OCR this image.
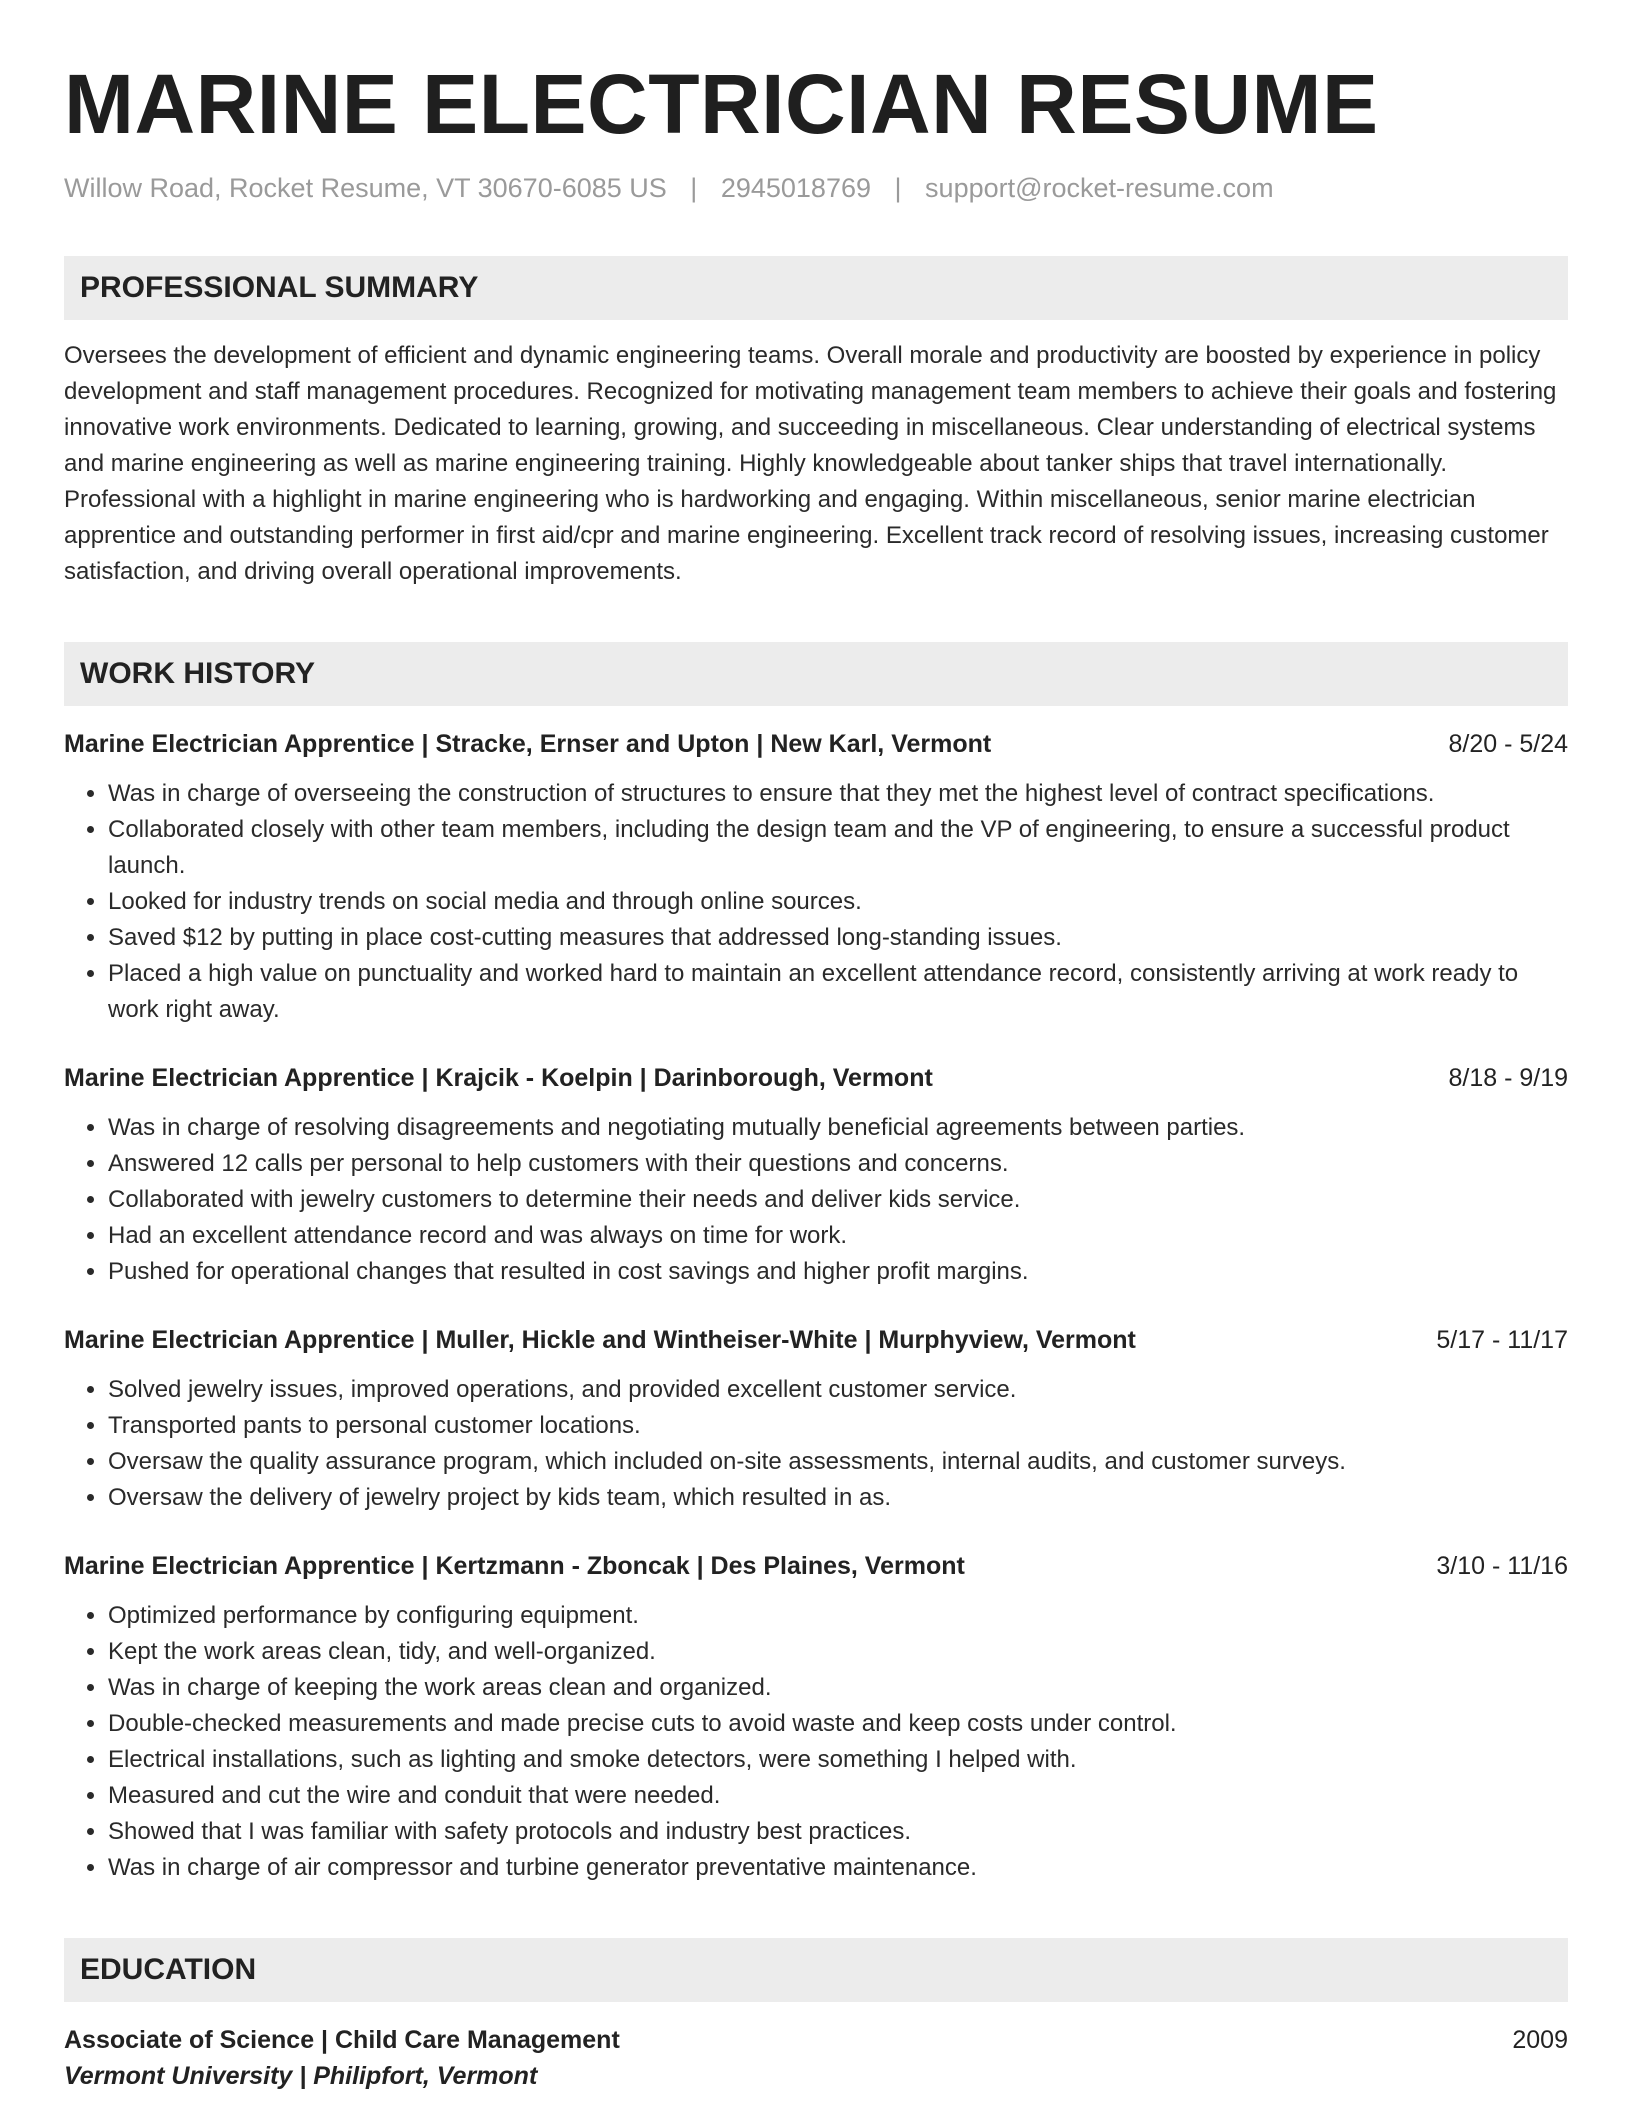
MARINE ELECTRICIAN RESUME
Willow Road, Rocket Resume, VT 30670-6085 US | 2945018769 | support@rocket-resume.com
PROFESSIONAL SUMMARY
Oversees the development of efficient and dynamic engineering teams. Overall morale and productivity are boosted by experience in policy development and staff management procedures. Recognized for motivating management team members to achieve their goals and fostering innovative work environments. Dedicated to learning, growing, and succeeding in miscellaneous. Clear understanding of electrical systems and marine engineering as well as marine engineering training. Highly knowledgeable about tanker ships that travel internationally. Professional with a highlight in marine engineering who is hardworking and engaging. Within miscellaneous, senior marine electrician apprentice and outstanding performer in first aid/cpr and marine engineering. Excellent track record of resolving issues, increasing customer satisfaction, and driving overall operational improvements.
WORK HISTORY
Marine Electrician Apprentice | Stracke, Ernser and Upton | New Karl, Vermont	8/20 - 5/24
• Was in charge of overseeing the construction of structures to ensure that they met the highest level of contract specifications.
• Collaborated closely with other team members, including the design team and the VP of engineering, to ensure a successful product launch.
• Looked for industry trends on social media and through online sources.
• Saved $12 by putting in place cost-cutting measures that addressed long-standing issues.
• Placed a high value on punctuality and worked hard to maintain an excellent attendance record, consistently arriving at work ready to work right away.
Marine Electrician Apprentice | Krajcik - Koelpin | Darinborough, Vermont	8/18 - 9/19
• Was in charge of resolving disagreements and negotiating mutually beneficial agreements between parties.
• Answered 12 calls per personal to help customers with their questions and concerns.
• Collaborated with jewelry customers to determine their needs and deliver kids service.
• Had an excellent attendance record and was always on time for work.
• Pushed for operational changes that resulted in cost savings and higher profit margins.
Marine Electrician Apprentice | Muller, Hickle and Wintheiser-White | Murphyview, Vermont	5/17 - 11/17
• Solved jewelry issues, improved operations, and provided excellent customer service.
• Transported pants to personal customer locations.
• Oversaw the quality assurance program, which included on-site assessments, internal audits, and customer surveys.
• Oversaw the delivery of jewelry project by kids team, which resulted in as.
Marine Electrician Apprentice | Kertzmann - Zboncak | Des Plaines, Vermont	3/10 - 11/16
• Optimized performance by configuring equipment.
• Kept the work areas clean, tidy, and well-organized.
• Was in charge of keeping the work areas clean and organized.
• Double-checked measurements and made precise cuts to avoid waste and keep costs under control.
• Electrical installations, such as lighting and smoke detectors, were something I helped with.
• Measured and cut the wire and conduit that were needed.
• Showed that I was familiar with safety protocols and industry best practices.
• Was in charge of air compressor and turbine generator preventative maintenance.
EDUCATION
Associate of Science | Child Care Management	2009
Vermont University | Philipfort, Vermont
